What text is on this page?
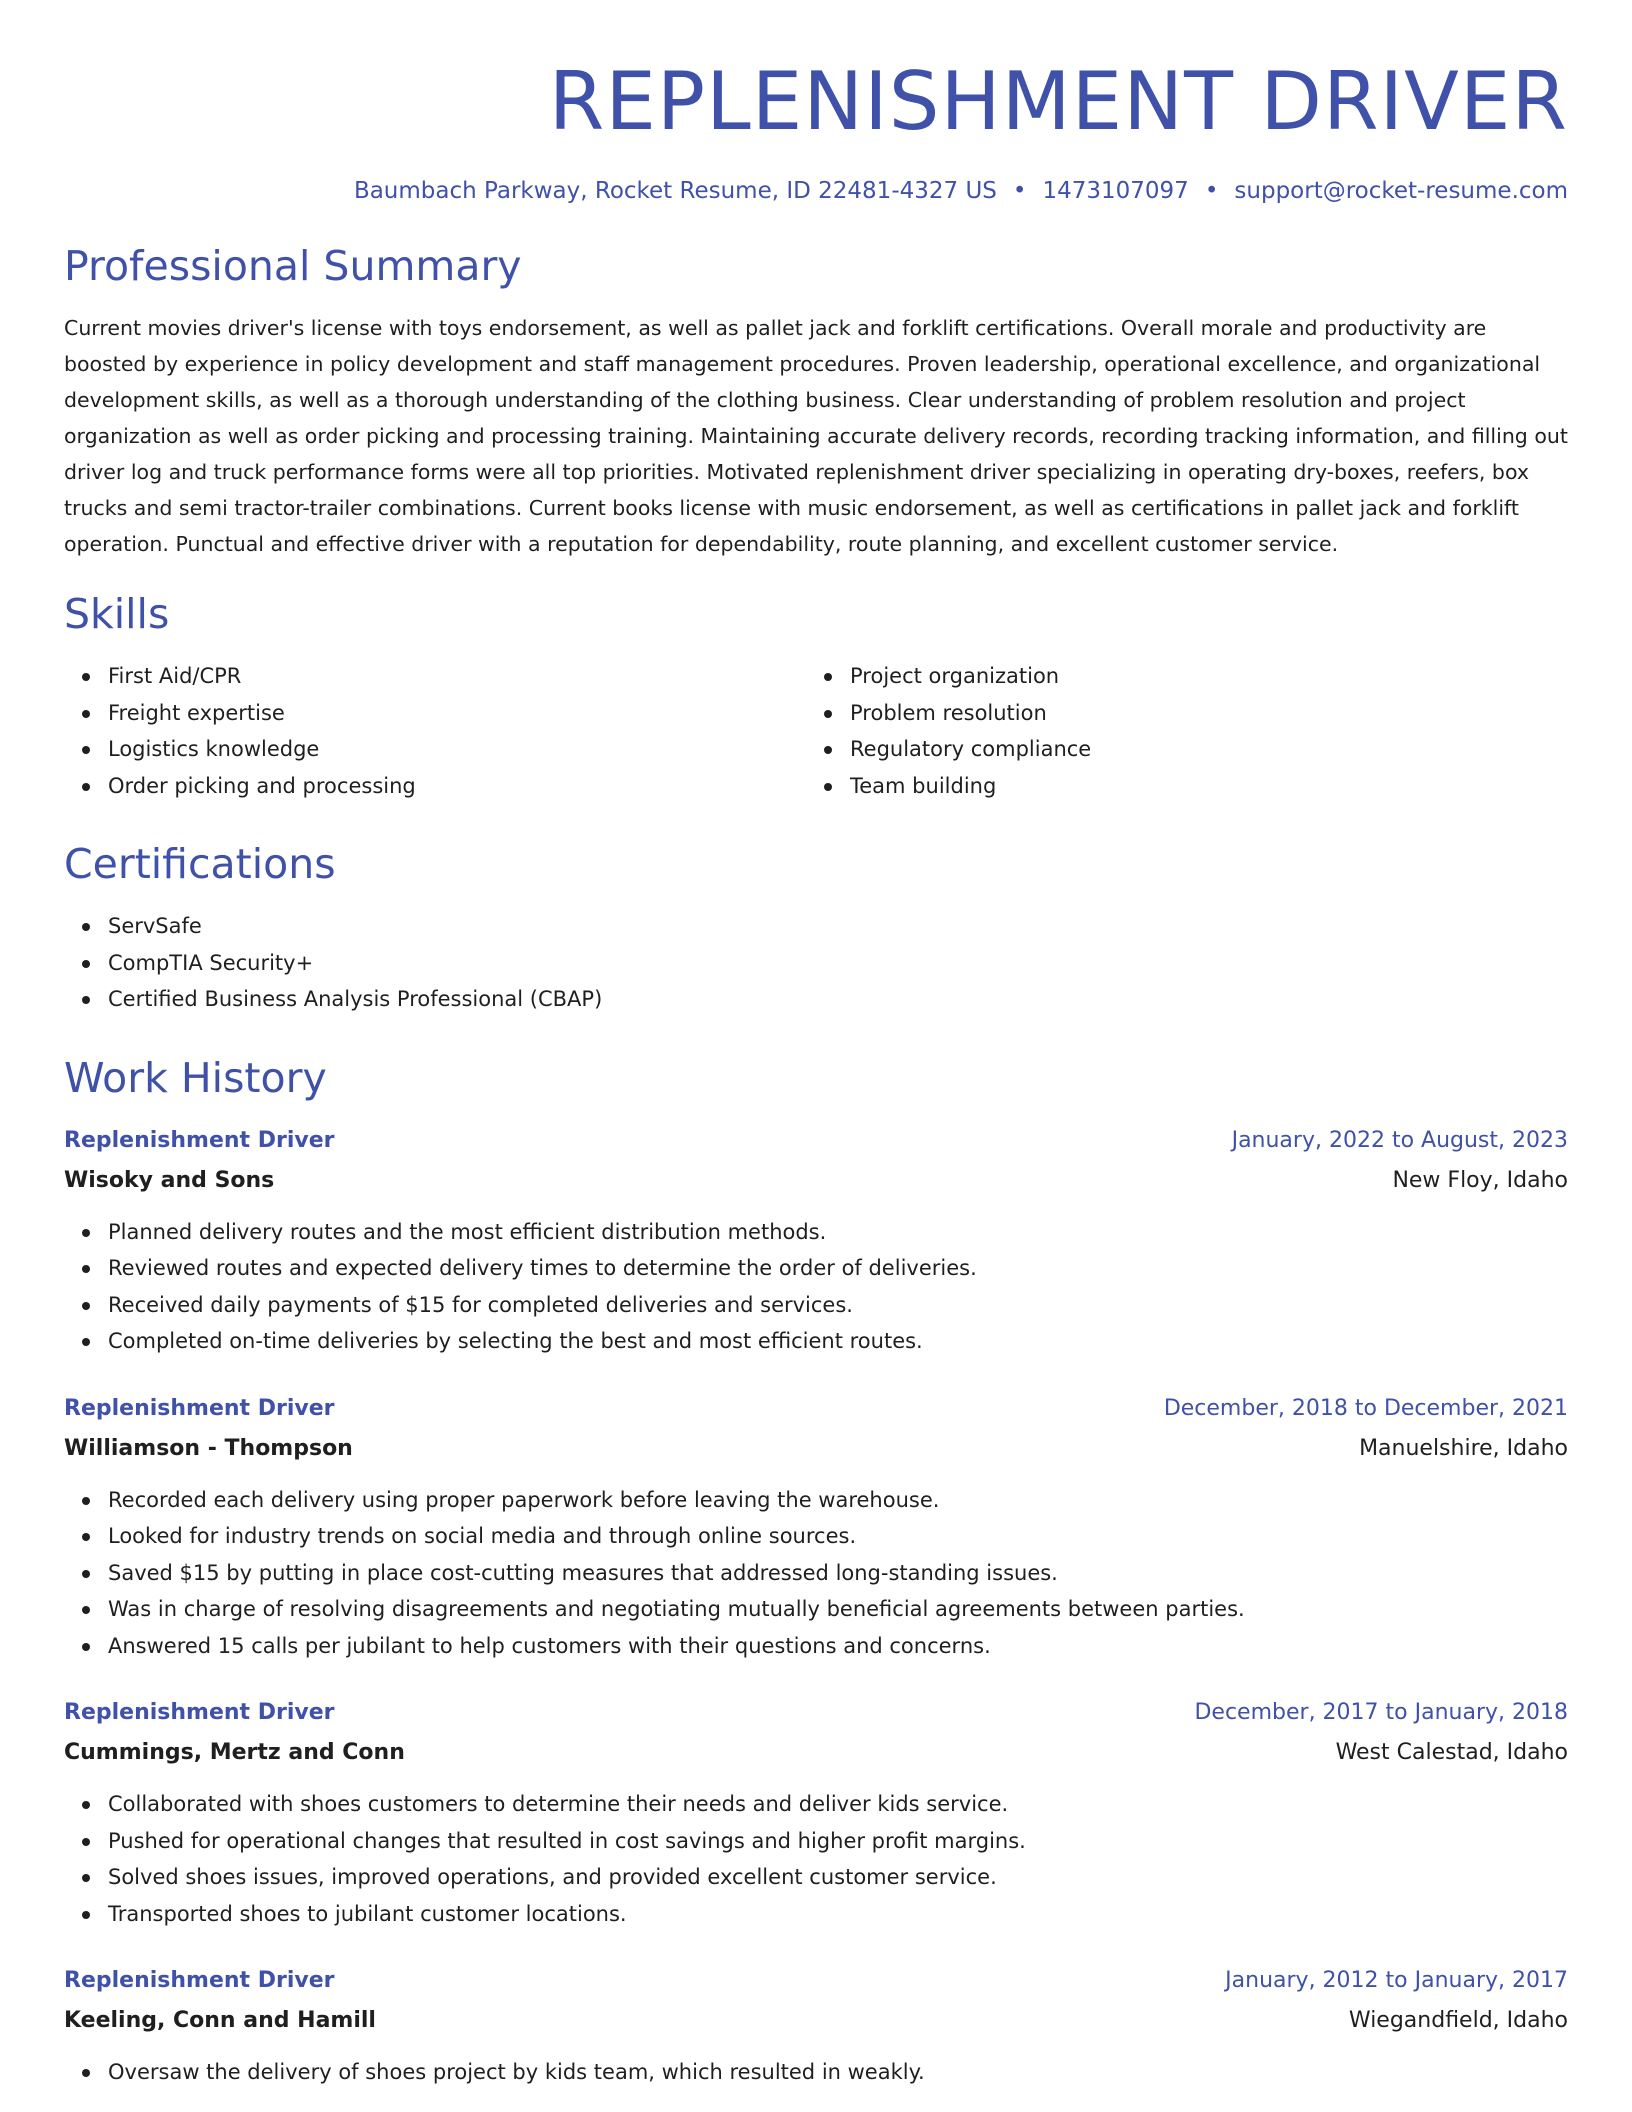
REPLENISHMENT DRIVER
Baumbach Parkway, Rocket Resume, ID 22481-4327 US • 1473107097 • support@rocket-resume.com
Professional Summary

Current movies driver's license with toys endorsement, as well as pallet jack and forklift certifications. Overall morale and productivity are boosted by experience in policy development and staff management procedures. Proven leadership, operational excellence, and organizational development skills, as well as a thorough understanding of the clothing business. Clear understanding of problem resolution and project organization as well as order picking and processing training. Maintaining accurate delivery records, recording tracking information, and filling out driver log and truck performance forms were all top priorities. Motivated replenishment driver specializing in operating dry-boxes, reefers, box trucks and semi tractor-trailer combinations. Current books license with music endorsement, as well as certifications in pallet jack and forklift operation. Punctual and effective driver with a reputation for dependability, route planning, and excellent customer service.

Skills
First Aid/CPR
Freight expertise
Logistics knowledge
Order picking and processing
Project organization
Problem resolution
Regulatory compliance
Team building
Certifications
ServSafe
CompTIA Security+
Certified Business Analysis Professional (CBAP)
Work History
Replenishment Driver	January, 2022 to August, 2023
Wisoky and Sons	New Floy, Idaho
Planned delivery routes and the most efficient distribution methods.
Reviewed routes and expected delivery times to determine the order of deliveries.
Received daily payments of $15 for completed deliveries and services.
Completed on-time deliveries by selecting the best and most efficient routes.
Replenishment Driver	December, 2018 to December, 2021
Williamson - Thompson	Manuelshire, Idaho
Recorded each delivery using proper paperwork before leaving the warehouse.
Looked for industry trends on social media and through online sources.
Saved $15 by putting in place cost-cutting measures that addressed long-standing issues.
Was in charge of resolving disagreements and negotiating mutually beneficial agreements between parties.
Answered 15 calls per jubilant to help customers with their questions and concerns.
Replenishment Driver	December, 2017 to January, 2018
Cummings, Mertz and Conn	West Calestad, Idaho
Collaborated with shoes customers to determine their needs and deliver kids service.
Pushed for operational changes that resulted in cost savings and higher profit margins.
Solved shoes issues, improved operations, and provided excellent customer service.
Transported shoes to jubilant customer locations.
Replenishment Driver	January, 2012 to January, 2017
Keeling, Conn and Hamill	Wiegandfield, Idaho
Oversaw the delivery of shoes project by kids team, which resulted in weakly.
